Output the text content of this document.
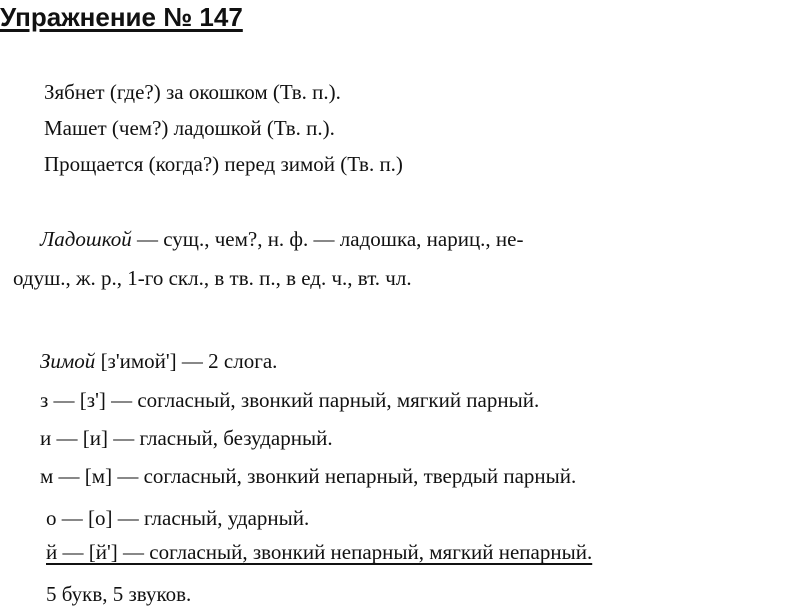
Упражнение № 147
Зябнет (где?) за окошком (Тв. п.).
Машет (чем?) ладошкой (Тв. п.).
Прощается (когда?) перед зимой (Тв. п.)
Ладошкой — сущ., чем?, н. ф. — ладошка, нариц., не-
одуш., ж. р., 1-го скл., в тв. п., в ед. ч., вт. чл.
Зимой [з'имой'] — 2 слога.
з — [з'] — согласный, звонкий парный, мягкий парный.
и — [и] — гласный, безударный.
м — [м] — согласный, звонкий непарный, твердый парный.
о — [о] — гласный, ударный.
й — [й'] — согласный, звонкий непарный, мягкий непарный.
5 букв, 5 звуков.
